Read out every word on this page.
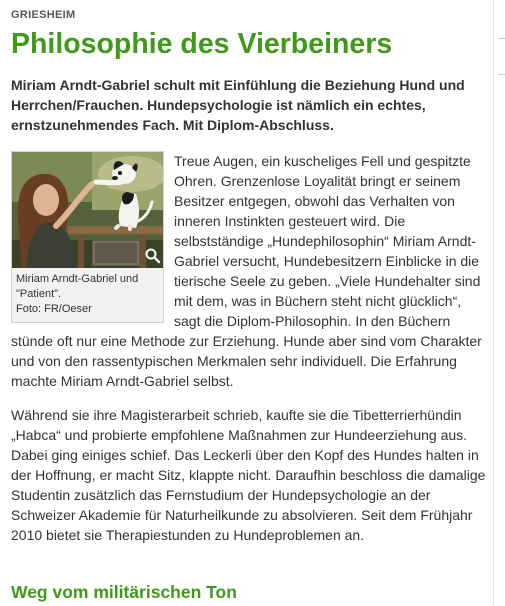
GRIESHEIM
Philosophie des Vierbeiners

Miriam Arndt-Gabriel schult mit Einfühlung die Beziehung Hund und Herrchen/Frauchen. Hundepsychologie ist nämlich ein echtes, ernstzunehmendes Fach. Mit Diplom-Abschluss.

Miriam Arndt-Gabriel und "Patient".
Foto: FR/Oeser

Treue Augen, ein kuscheliges Fell und gespitzte Ohren. Grenzenlose Loyalität bringt er seinem Besitzer entgegen, obwohl das Verhalten von inneren Instinkten gesteuert wird. Die selbstständige „Hundephilosophin“ Miriam Arndt-Gabriel versucht, Hundebesitzern Einblicke in die tierische Seele zu geben. „Viele Hundehalter sind mit dem, was in Büchern steht nicht glücklich“, sagt die Diplom-Philosophin. In den Büchern stünde oft nur eine Methode zur Erziehung. Hunde aber sind vom Charakter und von den rassentypischen Merkmalen sehr individuell. Die Erfahrung machte Miriam Arndt-Gabriel selbst.

Während sie ihre Magisterarbeit schrieb, kaufte sie die Tibetterrierhündin „Habca“ und probierte empfohlene Maßnahmen zur Hundeerziehung aus. Dabei ging einiges schief. Das Leckerli über den Kopf des Hundes halten in der Hoffnung, er macht Sitz, klappte nicht. Daraufhin beschloss die damalige Studentin zusätzlich das Fernstudium der Hundepsychologie an der Schweizer Akademie für Naturheilkunde zu absolvieren. Seit dem Frühjahr 2010 bietet sie Therapiestunden zu Hundeproblemen an.

Weg vom militärischen Ton
